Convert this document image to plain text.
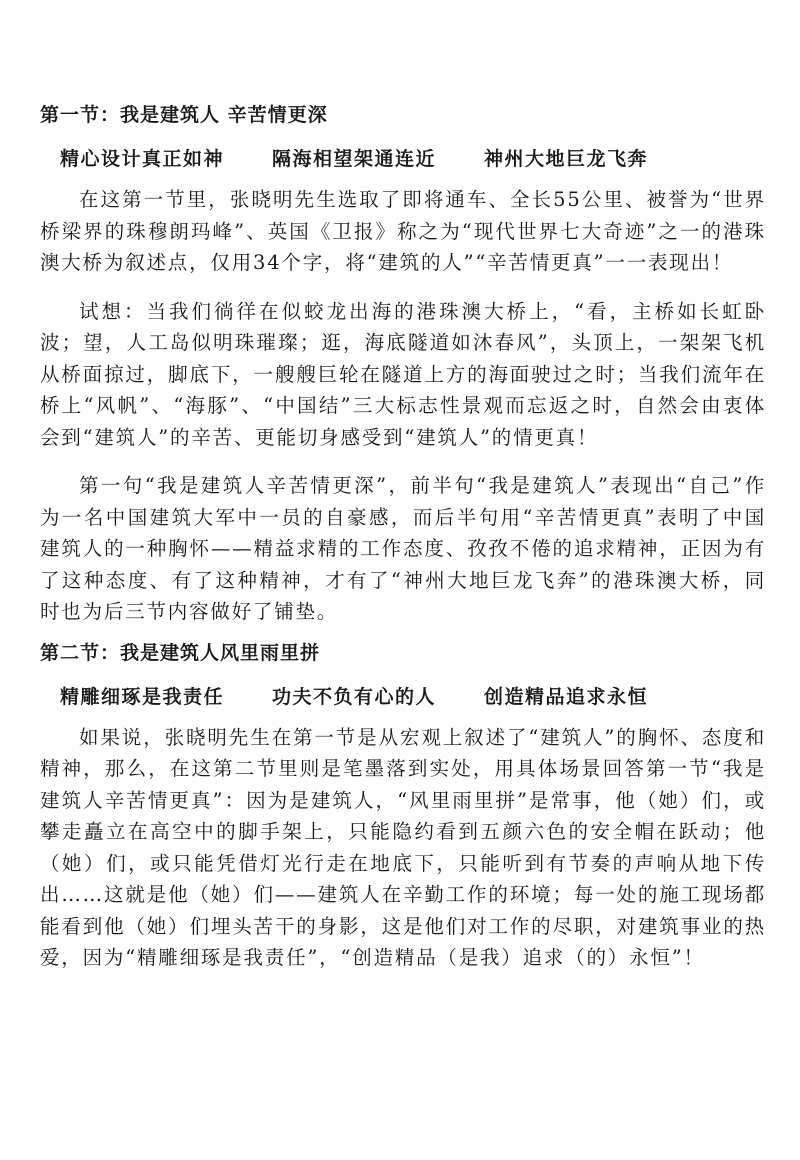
第一节：我是建筑人 辛苦情更深
精心设计真正如神	隔海相望架通连近	神州大地巨龙飞奔

在这第一节里，张晓明先生选取了即将通车、全长55公里、被誉为“世界桥梁界的珠穆朗玛峰”、英国《卫报》称之为“现代世界七大奇迹”之一的港珠澳大桥为叙述点，仅用34个字，将“建筑的人”“辛苦情更真”一一表现出！

试想：当我们徜徉在似蛟龙出海的港珠澳大桥上，“看，主桥如长虹卧波；望，人工岛似明珠璀璨；逛，海底隧道如沐春风”，头顶上，一架架飞机从桥面掠过，脚底下，一艘艘巨轮在隧道上方的海面驶过之时；当我们流年在桥上“风帆”、“海豚”、“中国结”三大标志性景观而忘返之时，自然会由衷体会到“建筑人”的辛苦、更能切身感受到“建筑人”的情更真！

第一句“我是建筑人辛苦情更深”，前半句“我是建筑人”表现出“自己”作为一名中国建筑大军中一员的自豪感，而后半句用“辛苦情更真”表明了中国建筑人的一种胸怀——精益求精的工作态度、孜孜不倦的追求精神，正因为有了这种态度、有了这种精神，才有了“神州大地巨龙飞奔”的港珠澳大桥，同时也为后三节内容做好了铺垫。

第二节：我是建筑人风里雨里拼
精雕细琢是我责任	功夫不负有心的人	创造精品追求永恒

如果说，张晓明先生在第一节是从宏观上叙述了“建筑人”的胸怀、态度和精神，那么，在这第二节里则是笔墨落到实处，用具体场景回答第一节“我是建筑人辛苦情更真”：因为是建筑人，“风里雨里拼”是常事，他（她）们，或攀走矗立在高空中的脚手架上，只能隐约看到五颜六色的安全帽在跃动；他（她）们，或只能凭借灯光行走在地底下，只能听到有节奏的声响从地下传出……这就是他（她）们——建筑人在辛勤工作的环境；每一处的施工现场都能看到他（她）们埋头苦干的身影，这是他们对工作的尽职，对建筑事业的热爱，因为“精雕细琢是我责任”，“创造精品（是我）追求（的）永恒”！
